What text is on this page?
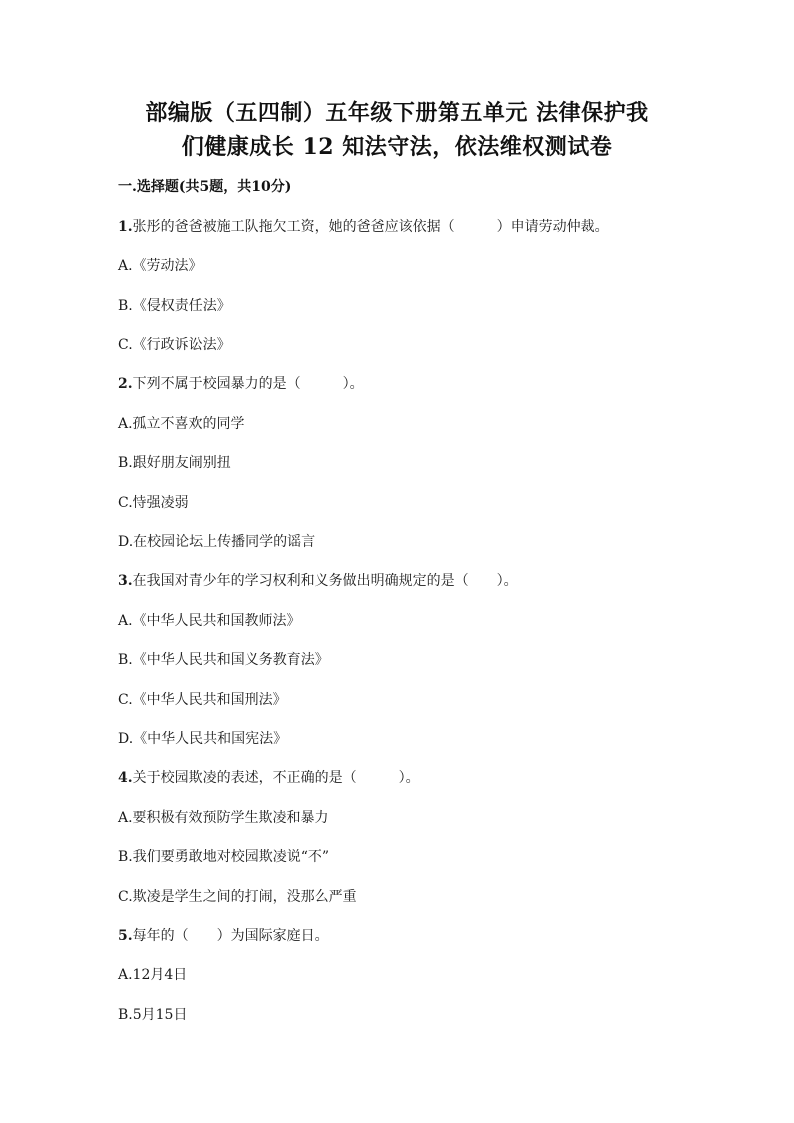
部编版（五四制）五年级下册第五单元 法律保护我
们健康成长 12 知法守法，依法维权测试卷
一.选择题(共5题，共10分)
1.张彤的爸爸被施工队拖欠工资，她的爸爸应该依据（　　　）申请劳动仲裁。
A.《劳动法》
B.《侵权责任法》
C.《行政诉讼法》
2.下列不属于校园暴力的是（　　　）。
A.孤立不喜欢的同学
B.跟好朋友闹别扭
C.恃强凌弱
D.在校园论坛上传播同学的谣言
3.在我国对青少年的学习权利和义务做出明确规定的是（　　）。
A.《中华人民共和国教师法》
B.《中华人民共和国义务教育法》
C.《中华人民共和国刑法》
D.《中华人民共和国宪法》
4.关于校园欺凌的表述，不正确的是（　　　）。
A.要积极有效预防学生欺凌和暴力
B.我们要勇敢地对校园欺凌说“不”
C.欺凌是学生之间的打闹，没那么严重
5.每年的（　　）为国际家庭日。
A.12月4日
B.5月15日
